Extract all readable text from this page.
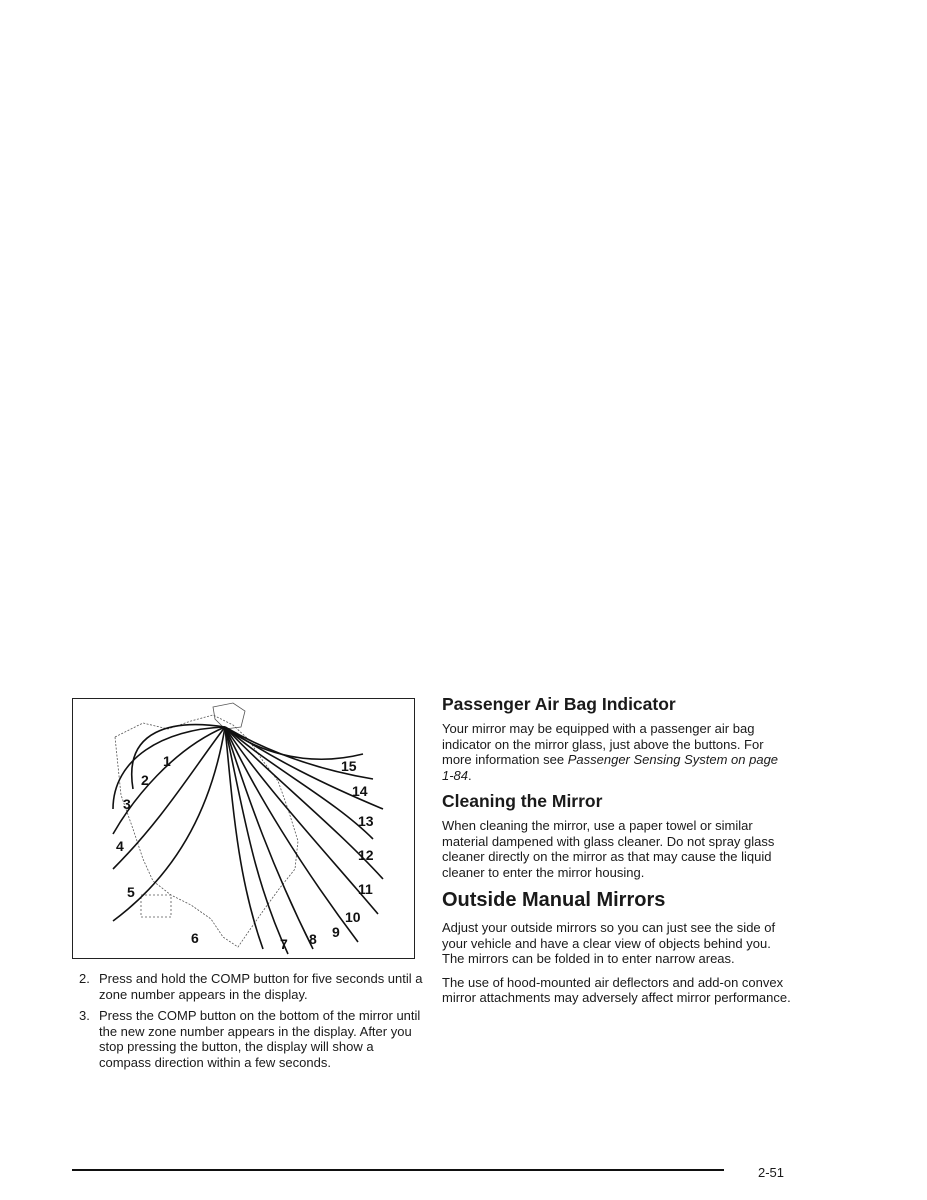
1
2
3
4
5
6	7 8 9
10
11
12
13
14
15
2. Press and hold the COMP button for five seconds until a zone number appears in the display.
3. Press the COMP button on the bottom of the mirror until the new zone number appears in the display. After you stop pressing the button, the display will show a compass direction within a few seconds.
Passenger Air Bag Indicator

Your mirror may be equipped with a passenger air bag indicator on the mirror glass, just above the buttons. For more information see Passenger Sensing System on page 1-84.

Cleaning the Mirror

When cleaning the mirror, use a paper towel or similar material dampened with glass cleaner. Do not spray glass cleaner directly on the mirror as that may cause the liquid cleaner to enter the mirror housing.

Outside Manual Mirrors

Adjust your outside mirrors so you can just see the side of your vehicle and have a clear view of objects behind you. The mirrors can be folded in to enter narrow areas.

The use of hood-mounted air deflectors and add-on convex mirror attachments may adversely affect mirror performance.

2-51
